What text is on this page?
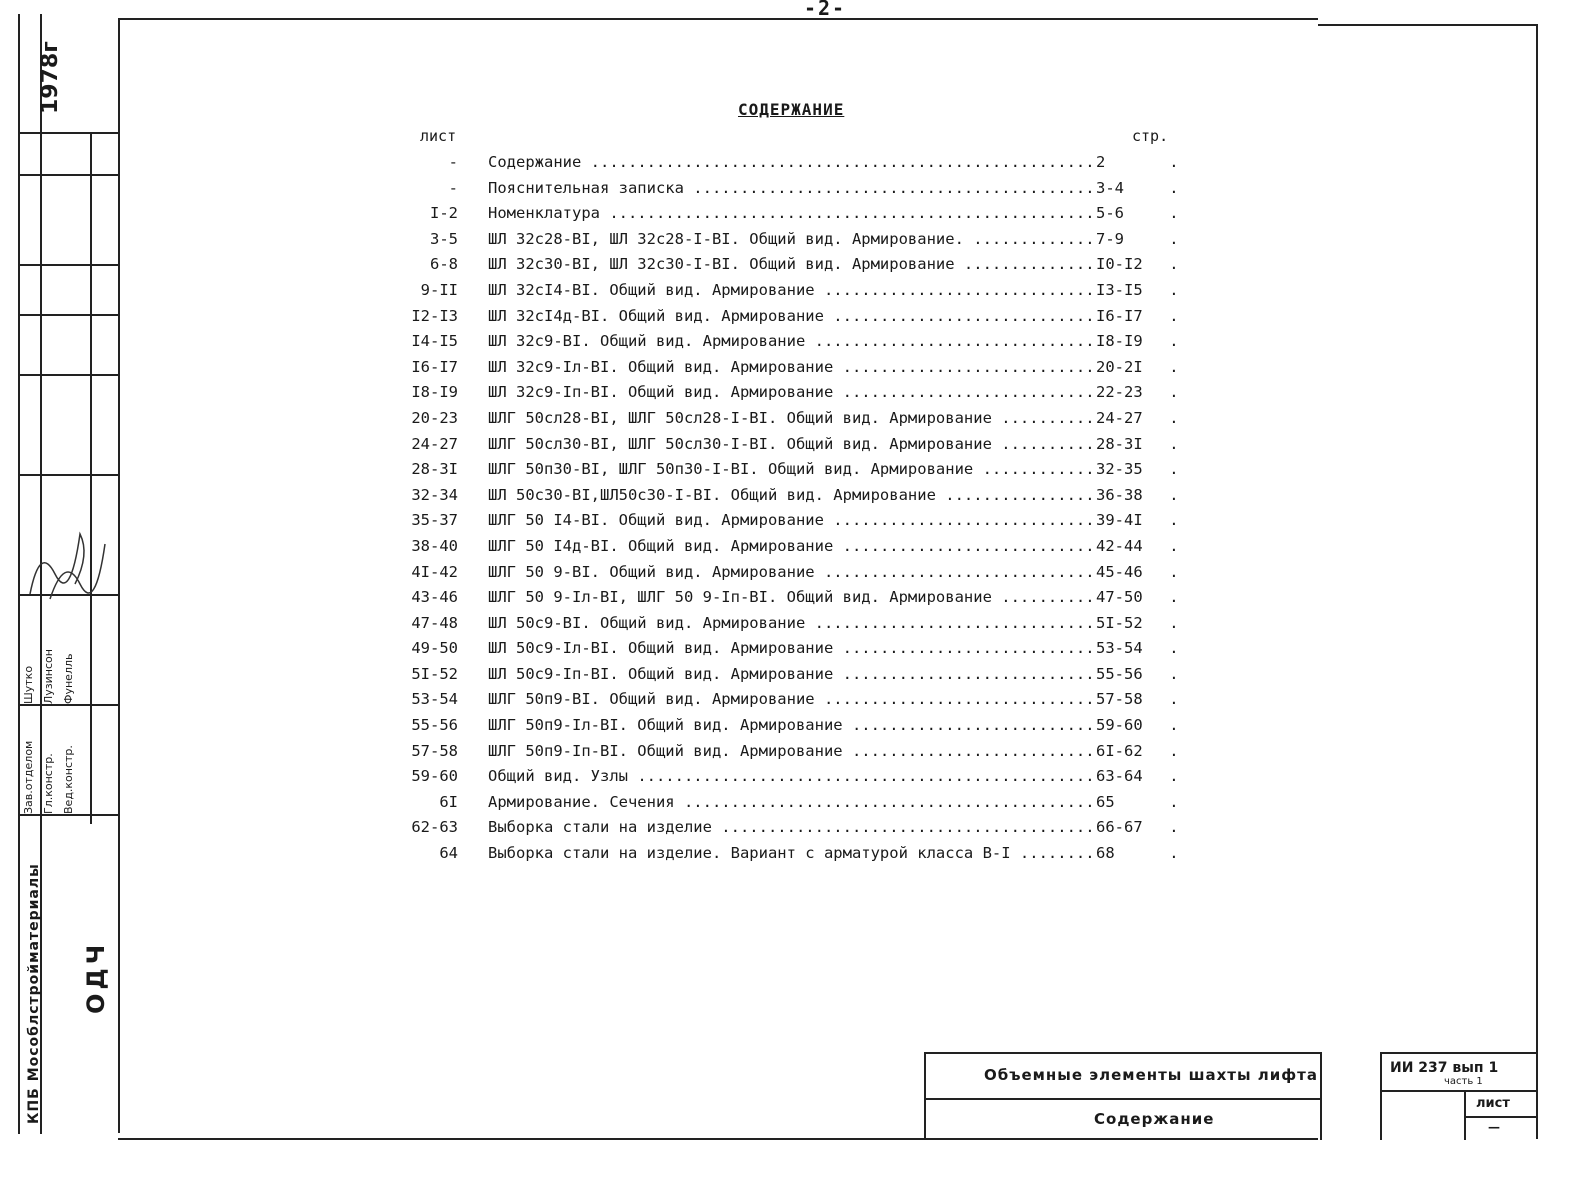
-2-
1978г
КПБ Мособлстройматериалы ОДЧ
Зав.отделом Гл.констр. Вед.констр.
Шутко Лузинсон Фунелль
СОДЕРЖАНИЕ
лист	стр.
- Содержание .....	2
- Пояснительная записка .....	3-4
I-2 Номенклатура .....	5-6
3-5 ШЛ 32с28-ВI, ШЛ 32с28-I-ВI. Общий вид. Армирование. .....	7-9
6-8 ШЛ 32с30-ВI, ШЛ 32с30-I-ВI. Общий вид. Армирование .....	I0-I2
9-II ШЛ 32сI4-ВI. Общий вид. Армирование .....	I3-I5
I2-I3 ШЛ 32сI4д-ВI. Общий вид. Армирование .....	I6-I7
I4-I5 ШЛ 32с9-ВI. Общий вид. Армирование .....	I8-I9
I6-I7 ШЛ 32с9-Iл-ВI. Общий вид. Армирование .....	20-2I
I8-I9 ШЛ 32с9-Iп-ВI. Общий вид. Армирование .....	22-23
20-23 ШЛГ 50сл28-ВI, ШЛГ 50сл28-I-ВI. Общий вид. Армирование .....	24-27
24-27 ШЛГ 50сл30-ВI, ШЛГ 50сл30-I-ВI. Общий вид. Армирование .....	28-3I
28-3I ШЛГ 50п30-ВI, ШЛГ 50п30-I-ВI. Общий вид. Армирование .....	32-35
32-34 ШЛ 50с30-ВI,ШЛ50с30-I-ВI. Общий вид. Армирование .....	36-38
35-37 ШЛГ 50 I4-ВI. Общий вид. Армирование .....	39-4I
38-40 ШЛГ 50 I4д-ВI. Общий вид. Армирование .....	42-44
4I-42 ШЛГ 50 9-ВI. Общий вид. Армирование .....	45-46
43-46 ШЛГ 50 9-Iл-ВI, ШЛГ 50 9-Iп-ВI. Общий вид. Армирование .....	47-50
47-48 ШЛ 50с9-ВI. Общий вид. Армирование .....	5I-52
49-50 ШЛ 50с9-Iл-ВI. Общий вид. Армирование .....	53-54
5I-52 ШЛ 50с9-Iп-ВI. Общий вид. Армирование .....	55-56
53-54 ШЛГ 50п9-ВI. Общий вид. Армирование .....	57-58
55-56 ШЛГ 50п9-Iл-ВI. Общий вид. Армирование .....	59-60
57-58 ШЛГ 50п9-Iп-ВI. Общий вид. Армирование .....	6I-62
59-60 Общий вид. Узлы .....	63-64
6I Армирование. Сечения .....	65
62-63 Выборка стали на изделие .....	66-67
64 Выборка стали на изделие. Вариант с арматурой класса В-I .....	68
Объемные элементы шахты лифта
Содержание
ИИ 237 вып 1
часть 1
лист
—
